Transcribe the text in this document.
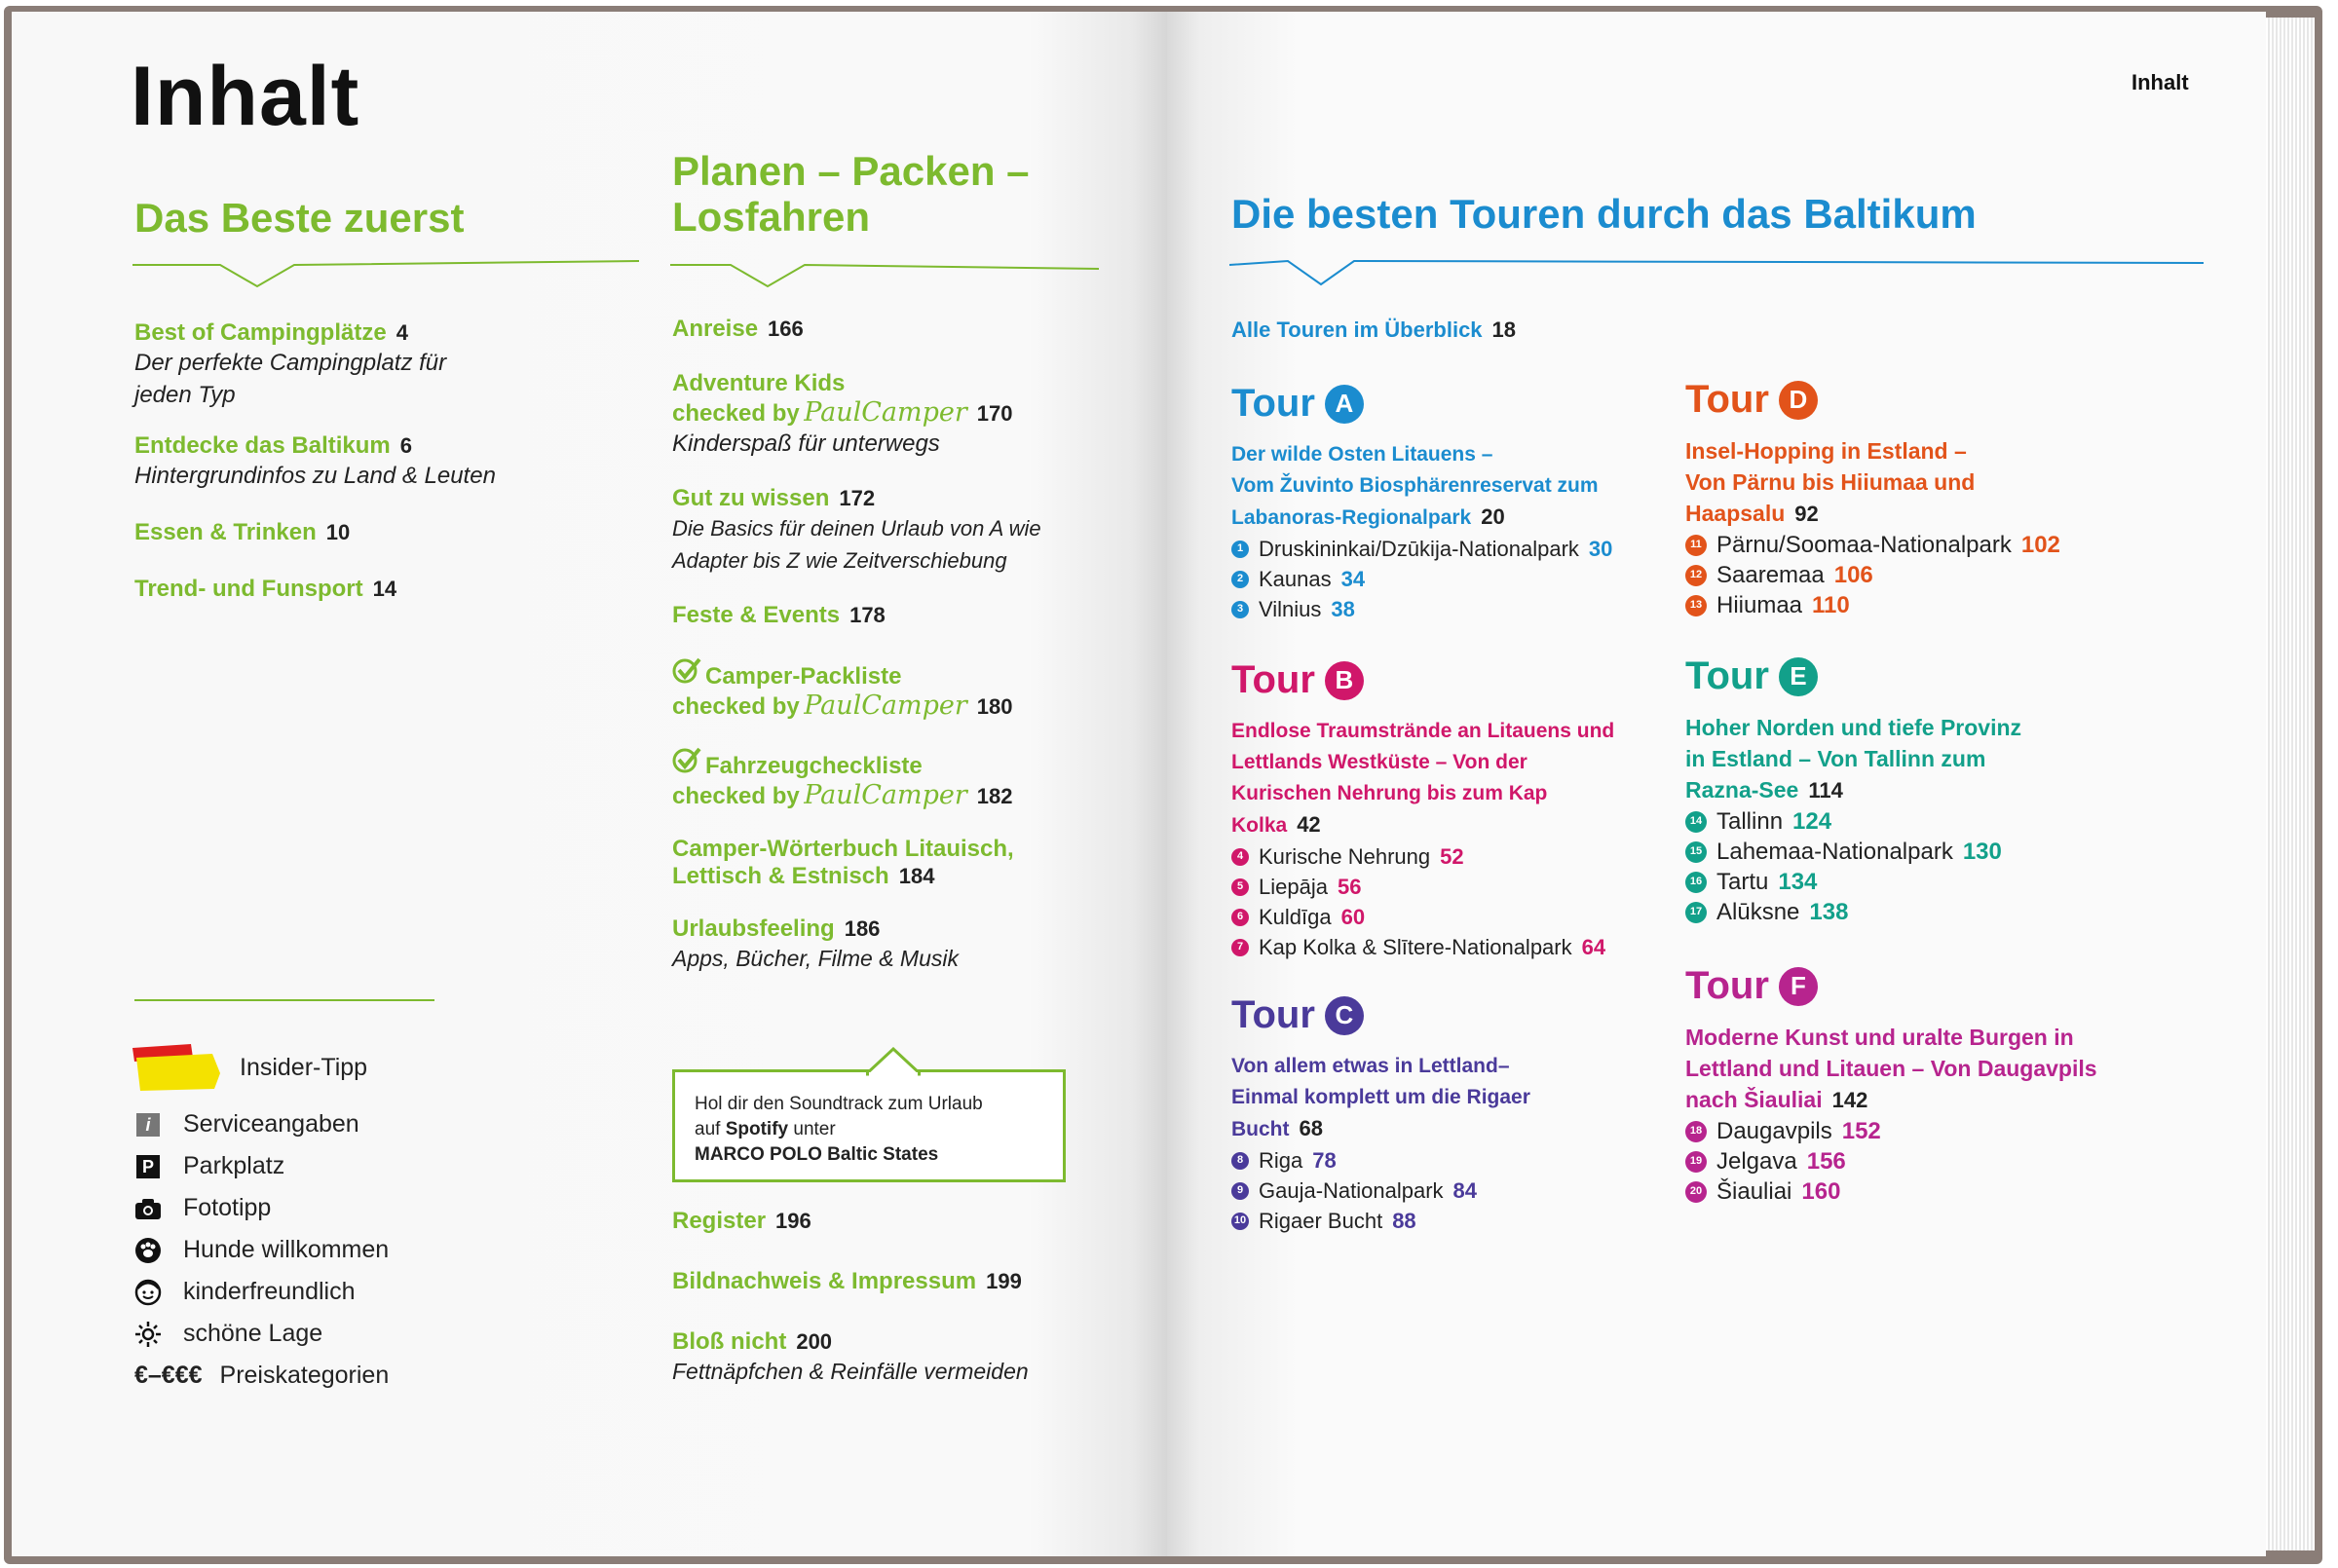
Inhalt
Das Beste zuerst
Best of Campingplätze 4
Der perfekte Campingplatz für
jeden Typ
Entdecke das Baltikum 6
Hintergrundinfos zu Land & Leuten
Essen & Trinken 10
Trend- und Funsport 14
Insider-Tipp
i	Serviceangaben
P Parkplatz
Fototipp
Hunde willkommen
kinderfreundlich
schöne Lage
€–€€€ Preiskategorien
Planen – Packen –
Losfahren
Anreise 166
Adventure Kids
checked by PaulCamper 170
Kinderspaß für unterwegs
Gut zu wissen 172
Die Basics für deinen Urlaub von A wie
Adapter bis Z wie Zeitverschiebung
Feste & Events 178
Camper-Packliste
checked by PaulCamper 180
Fahrzeugcheckliste
checked by PaulCamper 182
Camper-Wörterbuch Litauisch,
Lettisch & Estnisch 184
Urlaubsfeeling 186
Apps, Bücher, Filme & Musik
Hol dir den Soundtrack zum Urlaub
auf Spotify unter
MARCO POLO Baltic States
Register 196
Bildnachweis & Impressum 199
Bloß nicht 200
Fettnäpfchen & Reinfälle vermeiden
Inhalt
Die besten Touren durch das Baltikum
Alle Touren im Überblick 18
Tour A
Der wilde Osten Litauens –
Vom Žuvinto Biosphärenreservat zum
Labanoras-Regionalpark 20
1 Druskininkai/Dzūkija-Nationalpark 30
2 Kaunas 34
3 Vilnius 38
Tour B
Endlose Traumstrände an Litauens und
Lettlands Westküste – Von der
Kurischen Nehrung bis zum Kap
Kolka 42
4 Kurische Nehrung 52
5 Liepāja 56
6 Kuldīga 60
7 Kap Kolka & Slītere-Nationalpark 64
Tour C
Von allem etwas in Lettland–
Einmal komplett um die Rigaer
Bucht 68
8 Riga 78
9 Gauja-Nationalpark 84
10 Rigaer Bucht 88
Tour D
Insel-Hopping in Estland –
Von Pärnu bis Hiiumaa und
Haapsalu 92
11 Pärnu/Soomaa-Nationalpark 102
12 Saaremaa 106
13 Hiiumaa 110
Tour E
Hoher Norden und tiefe Provinz
in Estland – Von Tallinn zum
Razna-See 114
14 Tallinn 124
15 Lahemaa-Nationalpark 130
16 Tartu 134
17 Alūksne 138
Tour F
Moderne Kunst und uralte Burgen in
Lettland und Litauen – Von Daugavpils
nach Šiauliai 142
18 Daugavpils 152
19 Jelgava 156
20 Šiauliai 160
